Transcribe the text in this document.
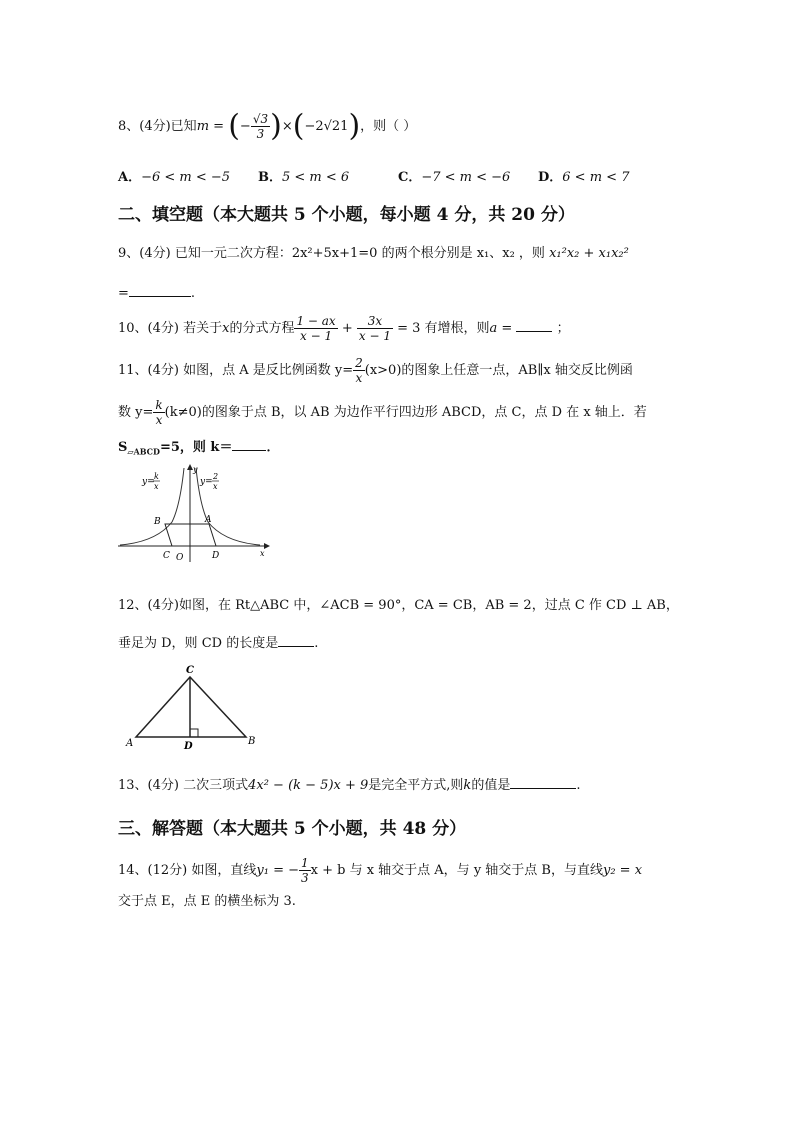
8、(4分)已知m = (− $\frac{√3}{3} )\times(-2√21)$，则（ ）
A．−6 < m < −5 B．5 < m < 6	C．−7 < m < −6 D．6 < m < 7
二、填空题（本大题共 5 个小题，每小题 4 分，共 20 分）
9、(4分) 已知一元二次方程：2x²+5x+1=0 的两个根分别是 x₁、x₂ ，则 x₁²x₂ + x₁x₂²
=	.
10、(4分) 若关于x的分式方程 $\frac{1 - ax}{x - 1} + \frac{3x}{x - 1} = 3$ 有增根，则a =	；
11、(4分) 如图，点 A 是反比例函数 $y= \frac{2}{x} (x>0)$的图象上任意一点，AB∥x 轴交反比例函
数 $y= \frac{k}{x} (k\ne 0)$的图象于点 B，以 AB 为边作平行四边形 ABCD，点 C，点 D 在 x 轴上．若
$S_{▱ABCD}=5$，则 k＝	．
y=
k
x	y=
2
x
y
x
A
B
C O	D
12、(4分)如图，在 Rt△ABC 中，∠ACB = 90°，CA = CB，AB = 2，过点 C 作 CD ⊥ AB，
垂足为 D，则 CD 的长度是	.
C
A	D	B
13、(4分) 二次三项式4x² − (k − 5)x + 9是完全平方式,则k的值是	.
三、解答题（本大题共 5 个小题，共 48 分）
14、(12分) 如图，直线y₁ = − $\frac{1}{3}$ x + b 与 x 轴交于点 A，与 y 轴交于点 B，与直线y₂ = x
交于点 E，点 E 的横坐标为 3.
